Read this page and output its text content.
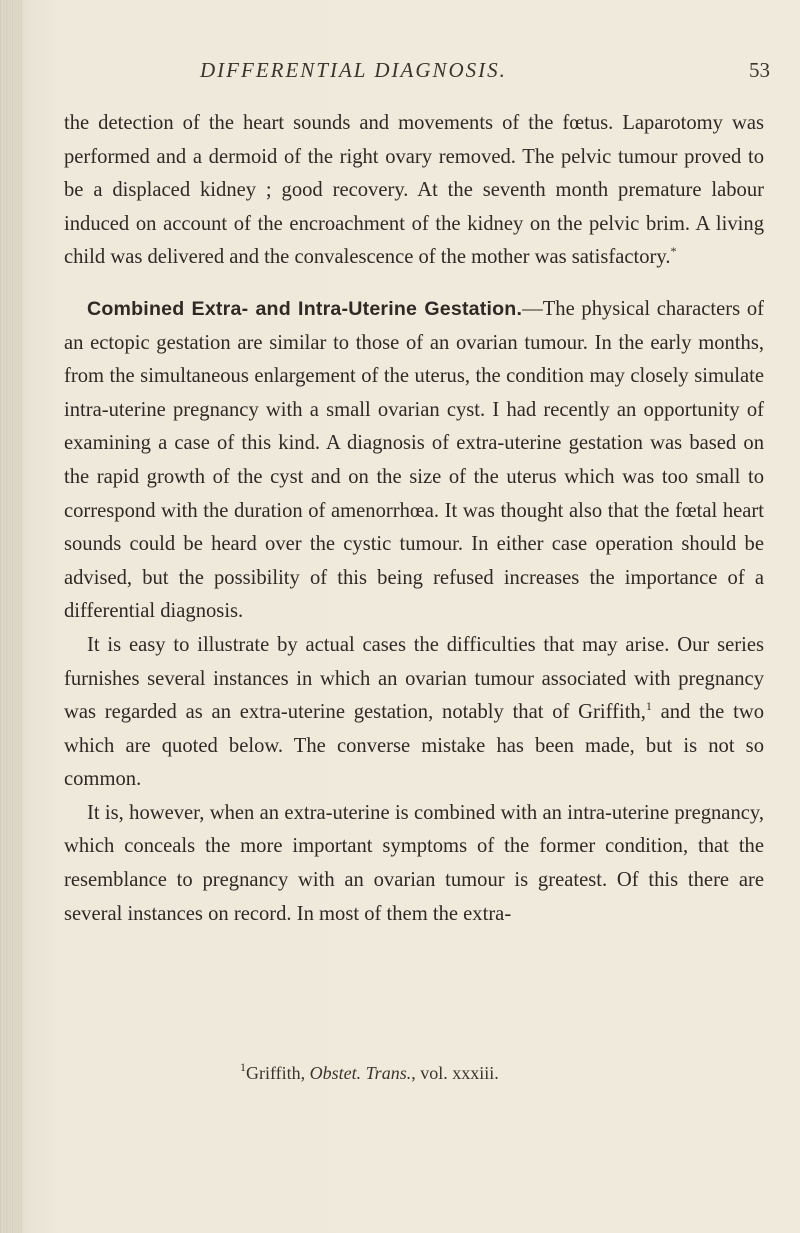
DIFFERENTIAL DIAGNOSIS.	53

the detection of the heart sounds and movements of the fœtus. Laparotomy was performed and a dermoid of the right ovary removed. The pelvic tumour proved to be a displaced kidney ; good recovery. At the seventh month premature labour induced on account of the encroachment of the kidney on the pelvic brim. A living child was delivered and the convalescence of the mother was satisfactory.*

Combined Extra- and Intra-Uterine Gestation.—The physical characters of an ectopic gestation are similar to those of an ovarian tumour. In the early months, from the simultaneous enlargement of the uterus, the condition may closely simulate intra-uterine pregnancy with a small ovarian cyst. I had recently an opportunity of examining a case of this kind. A diagnosis of extra-uterine gestation was based on the rapid growth of the cyst and on the size of the uterus which was too small to correspond with the duration of amenorrhœa. It was thought also that the fœtal heart sounds could be heard over the cystic tumour. In either case operation should be advised, but the possibility of this being refused increases the importance of a differential diagnosis.

It is easy to illustrate by actual cases the difficulties that may arise. Our series furnishes several instances in which an ovarian tumour associated with pregnancy was regarded as an extra-uterine gestation, notably that of Griffith,$^1$ and the two which are quoted below. The converse mistake has been made, but is not so common.

It is, however, when an extra-uterine is combined with an intra-uterine pregnancy, which conceals the more important symptoms of the former condition, that the resemblance to pregnancy with an ovarian tumour is greatest. Of this there are several instances on record. In most of them the extra-

$^1$Griffith, Obstet. Trans., vol. xxxiii.
